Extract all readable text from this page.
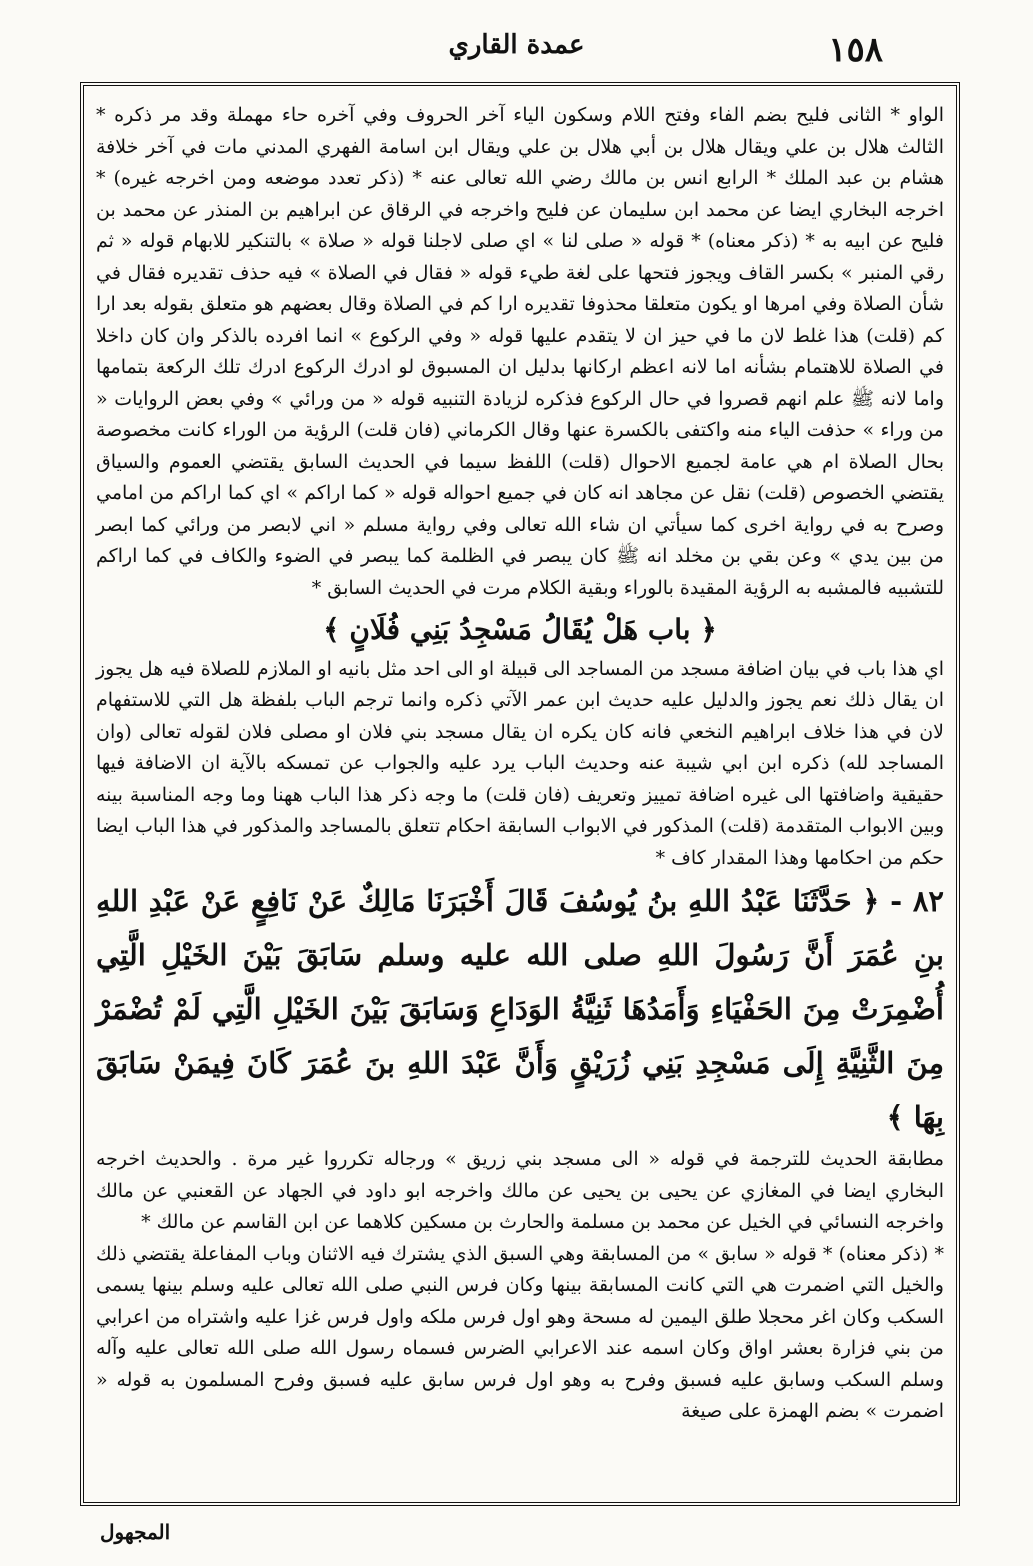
عمدة القاري	١٥٨

الواو * الثانى فليح بضم الفاء وفتح اللام وسكون الياء آخر الحروف وفي آخره حاء مهملة وقد مر ذكره * الثالث هلال بن علي ويقال هلال بن أبي هلال بن علي ويقال ابن اسامة الفهري المدني مات في آخر خلافة هشام بن عبد الملك * الرابع انس بن مالك رضي الله تعالى عنه * (ذكر تعدد موضعه ومن اخرجه غيره) * اخرجه البخاري ايضا عن محمد ابن سليمان عن فليح واخرجه في الرقاق عن ابراهيم بن المنذر عن محمد بن فليح عن ابيه به * (ذكر معناه) * قوله « صلى لنا » اي صلى لاجلنا قوله « صلاة » بالتنكير للابهام قوله « ثم رقي المنبر » بكسر القاف ويجوز فتحها على لغة طيء قوله « فقال في الصلاة » فيه حذف تقديره فقال في شأن الصلاة وفي امرها او يكون متعلقا محذوفا تقديره ارا كم في الصلاة وقال بعضهم هو متعلق بقوله بعد ارا كم (قلت) هذا غلط لان ما في حيز ان لا يتقدم عليها قوله « وفي الركوع » انما افرده بالذكر وان كان داخلا في الصلاة للاهتمام بشأنه اما لانه اعظم اركانها بدليل ان المسبوق لو ادرك الركوع ادرك تلك الركعة بتمامها واما لانه ﷺ علم انهم قصروا في حال الركوع فذكره لزيادة التنبيه قوله « من ورائي » وفي بعض الروايات « من وراء » حذفت الياء منه واكتفى بالكسرة عنها وقال الكرماني (فان قلت) الرؤية من الوراء كانت مخصوصة بحال الصلاة ام هي عامة لجميع الاحوال (قلت) اللفظ سيما في الحديث السابق يقتضي العموم والسياق يقتضي الخصوص (قلت) نقل عن مجاهد انه كان في جميع احواله قوله « كما اراكم » اي كما اراكم من امامي وصرح به في رواية اخرى كما سيأتي ان شاء الله تعالى وفي رواية مسلم « اني لابصر من ورائي كما ابصر من بين يدي » وعن بقي بن مخلد انه ﷺ كان يبصر في الظلمة كما يبصر في الضوء والكاف في كما اراكم للتشبيه فالمشبه به الرؤية المقيدة بالوراء وبقية الكلام مرت في الحديث السابق *

﴿ باب هَلْ يُقَالُ مَسْجِدُ بَنِي فُلَانٍ ﴾

اي هذا باب في بيان اضافة مسجد من المساجد الى قبيلة او الى احد مثل بانيه او الملازم للصلاة فيه هل يجوز ان يقال ذلك نعم يجوز والدليل عليه حديث ابن عمر الآتي ذكره وانما ترجم الباب بلفظة هل التي للاستفهام لان في هذا خلاف ابراهيم النخعي فانه كان يكره ان يقال مسجد بني فلان او مصلى فلان لقوله تعالى (وان المساجد لله) ذكره ابن ابي شيبة عنه وحديث الباب يرد عليه والجواب عن تمسكه بالآية ان الاضافة فيها حقيقية واضافتها الى غيره اضافة تمييز وتعريف (فان قلت) ما وجه ذكر هذا الباب ههنا وما وجه المناسبة بينه وبين الابواب المتقدمة (قلت) المذكور في الابواب السابقة احكام تتعلق بالمساجد والمذكور في هذا الباب ايضا حكم من احكامها وهذا المقدار كاف *

٨٢ - ﴿ حَدَّثَنَا عَبْدُ اللهِ بنُ يُوسُفَ قَالَ أَخْبَرَنَا مَالِكٌ عَنْ نَافِعٍ عَنْ عَبْدِ اللهِ بنِ عُمَرَ أَنَّ رَسُولَ اللهِ صلى الله عليه وسلم سَابَقَ بَيْنَ الخَيْلِ الَّتِي أُضْمِرَتْ مِنَ الحَفْيَاءِ وَأَمَدُهَا ثَنِيَّةُ الوَدَاعِ وَسَابَقَ بَيْنَ الخَيْلِ الَّتِي لَمْ تُضْمَرْ مِنَ الثَّنِيَّةِ إِلَى مَسْجِدِ بَنِي زُرَيْقٍ وَأَنَّ عَبْدَ اللهِ بنَ عُمَرَ كَانَ فِيمَنْ سَابَقَ بِهَا ﴾

مطابقة الحديث للترجمة في قوله « الى مسجد بني زريق » ورجاله تكرروا غير مرة . والحديث اخرجه البخاري ايضا في المغازي عن يحيى بن يحيى عن مالك واخرجه ابو داود في الجهاد عن القعنبي عن مالك واخرجه النسائي في الخيل عن محمد بن مسلمة والحارث بن مسكين كلاهما عن ابن القاسم عن مالك *

* (ذكر معناه) * قوله « سابق » من المسابقة وهي السبق الذي يشترك فيه الاثنان وباب المفاعلة يقتضي ذلك والخيل التي اضمرت هي التي كانت المسابقة بينها وكان فرس النبي صلى الله تعالى عليه وسلم بينها يسمى السكب وكان اغر محجلا طلق اليمين له مسحة وهو اول فرس ملكه واول فرس غزا عليه واشتراه من اعرابي من بني فزارة بعشر اواق وكان اسمه عند الاعرابي الضرس فسماه رسول الله صلى الله تعالى عليه وآله وسلم السكب وسابق عليه فسبق وفرح به وهو اول فرس سابق عليه فسبق وفرح المسلمون به قوله « اضمرت » بضم الهمزة على صيغة

المجهول
